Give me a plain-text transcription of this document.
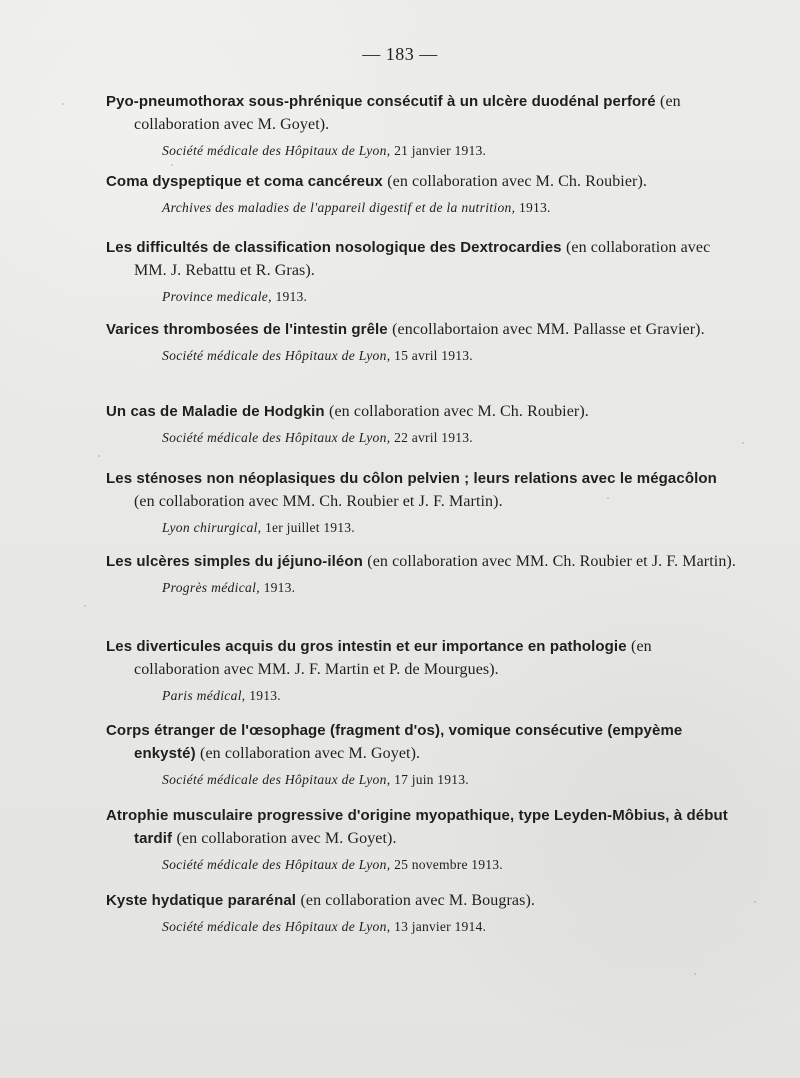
— 183 —
Pyo-pneumothorax sous-phrénique consécutif à un ulcère duodénal perforé (en collaboration avec M. Goyet).
Société médicale des Hôpitaux de Lyon, 21 janvier 1913.
Coma dyspeptique et coma cancéreux (en collaboration avec M. Ch. Roubier).
Archives des maladies de l'appareil digestif et de la nutrition, 1913.
Les difficultés de classification nosologique des Dextrocardies (en collaboration avec MM. J. Rebattu et R. Gras).
Province medicale, 1913.
Varices thrombosées de l'intestin grêle (encollabortaion avec MM. Pallasse et Gravier).
Société médicale des Hôpitaux de Lyon, 15 avril 1913.
Un cas de Maladie de Hodgkin (en collaboration avec M. Ch. Roubier).
Société médicale des Hôpitaux de Lyon, 22 avril 1913.
Les sténoses non néoplasiques du côlon pelvien ; leurs relations avec le mégacôlon (en collaboration avec MM. Ch. Roubier et J. F. Martin).
Lyon chirurgical, 1er juillet 1913.
Les ulcères simples du jéjuno-iléon (en collaboration avec MM. Ch. Roubier et J. F. Martin).
Progrès médical, 1913.
Les diverticules acquis du gros intestin et eur importance en pathologie (en collaboration avec MM. J. F. Martin et P. de Mourgues).
Paris médical, 1913.
Corps étranger de l'œsophage (fragment d'os), vomique consécutive (empyème enkysté) (en collaboration avec M. Goyet).
Société médicale des Hôpitaux de Lyon, 17 juin 1913.
Atrophie musculaire progressive d'origine myopathique, type Leyden-Môbius, à début tardif (en collaboration avec M. Goyet).
Société médicale des Hôpitaux de Lyon, 25 novembre 1913.
Kyste hydatique pararénal (en collaboration avec M. Bougras).
Société médicale des Hôpitaux de Lyon, 13 janvier 1914.
